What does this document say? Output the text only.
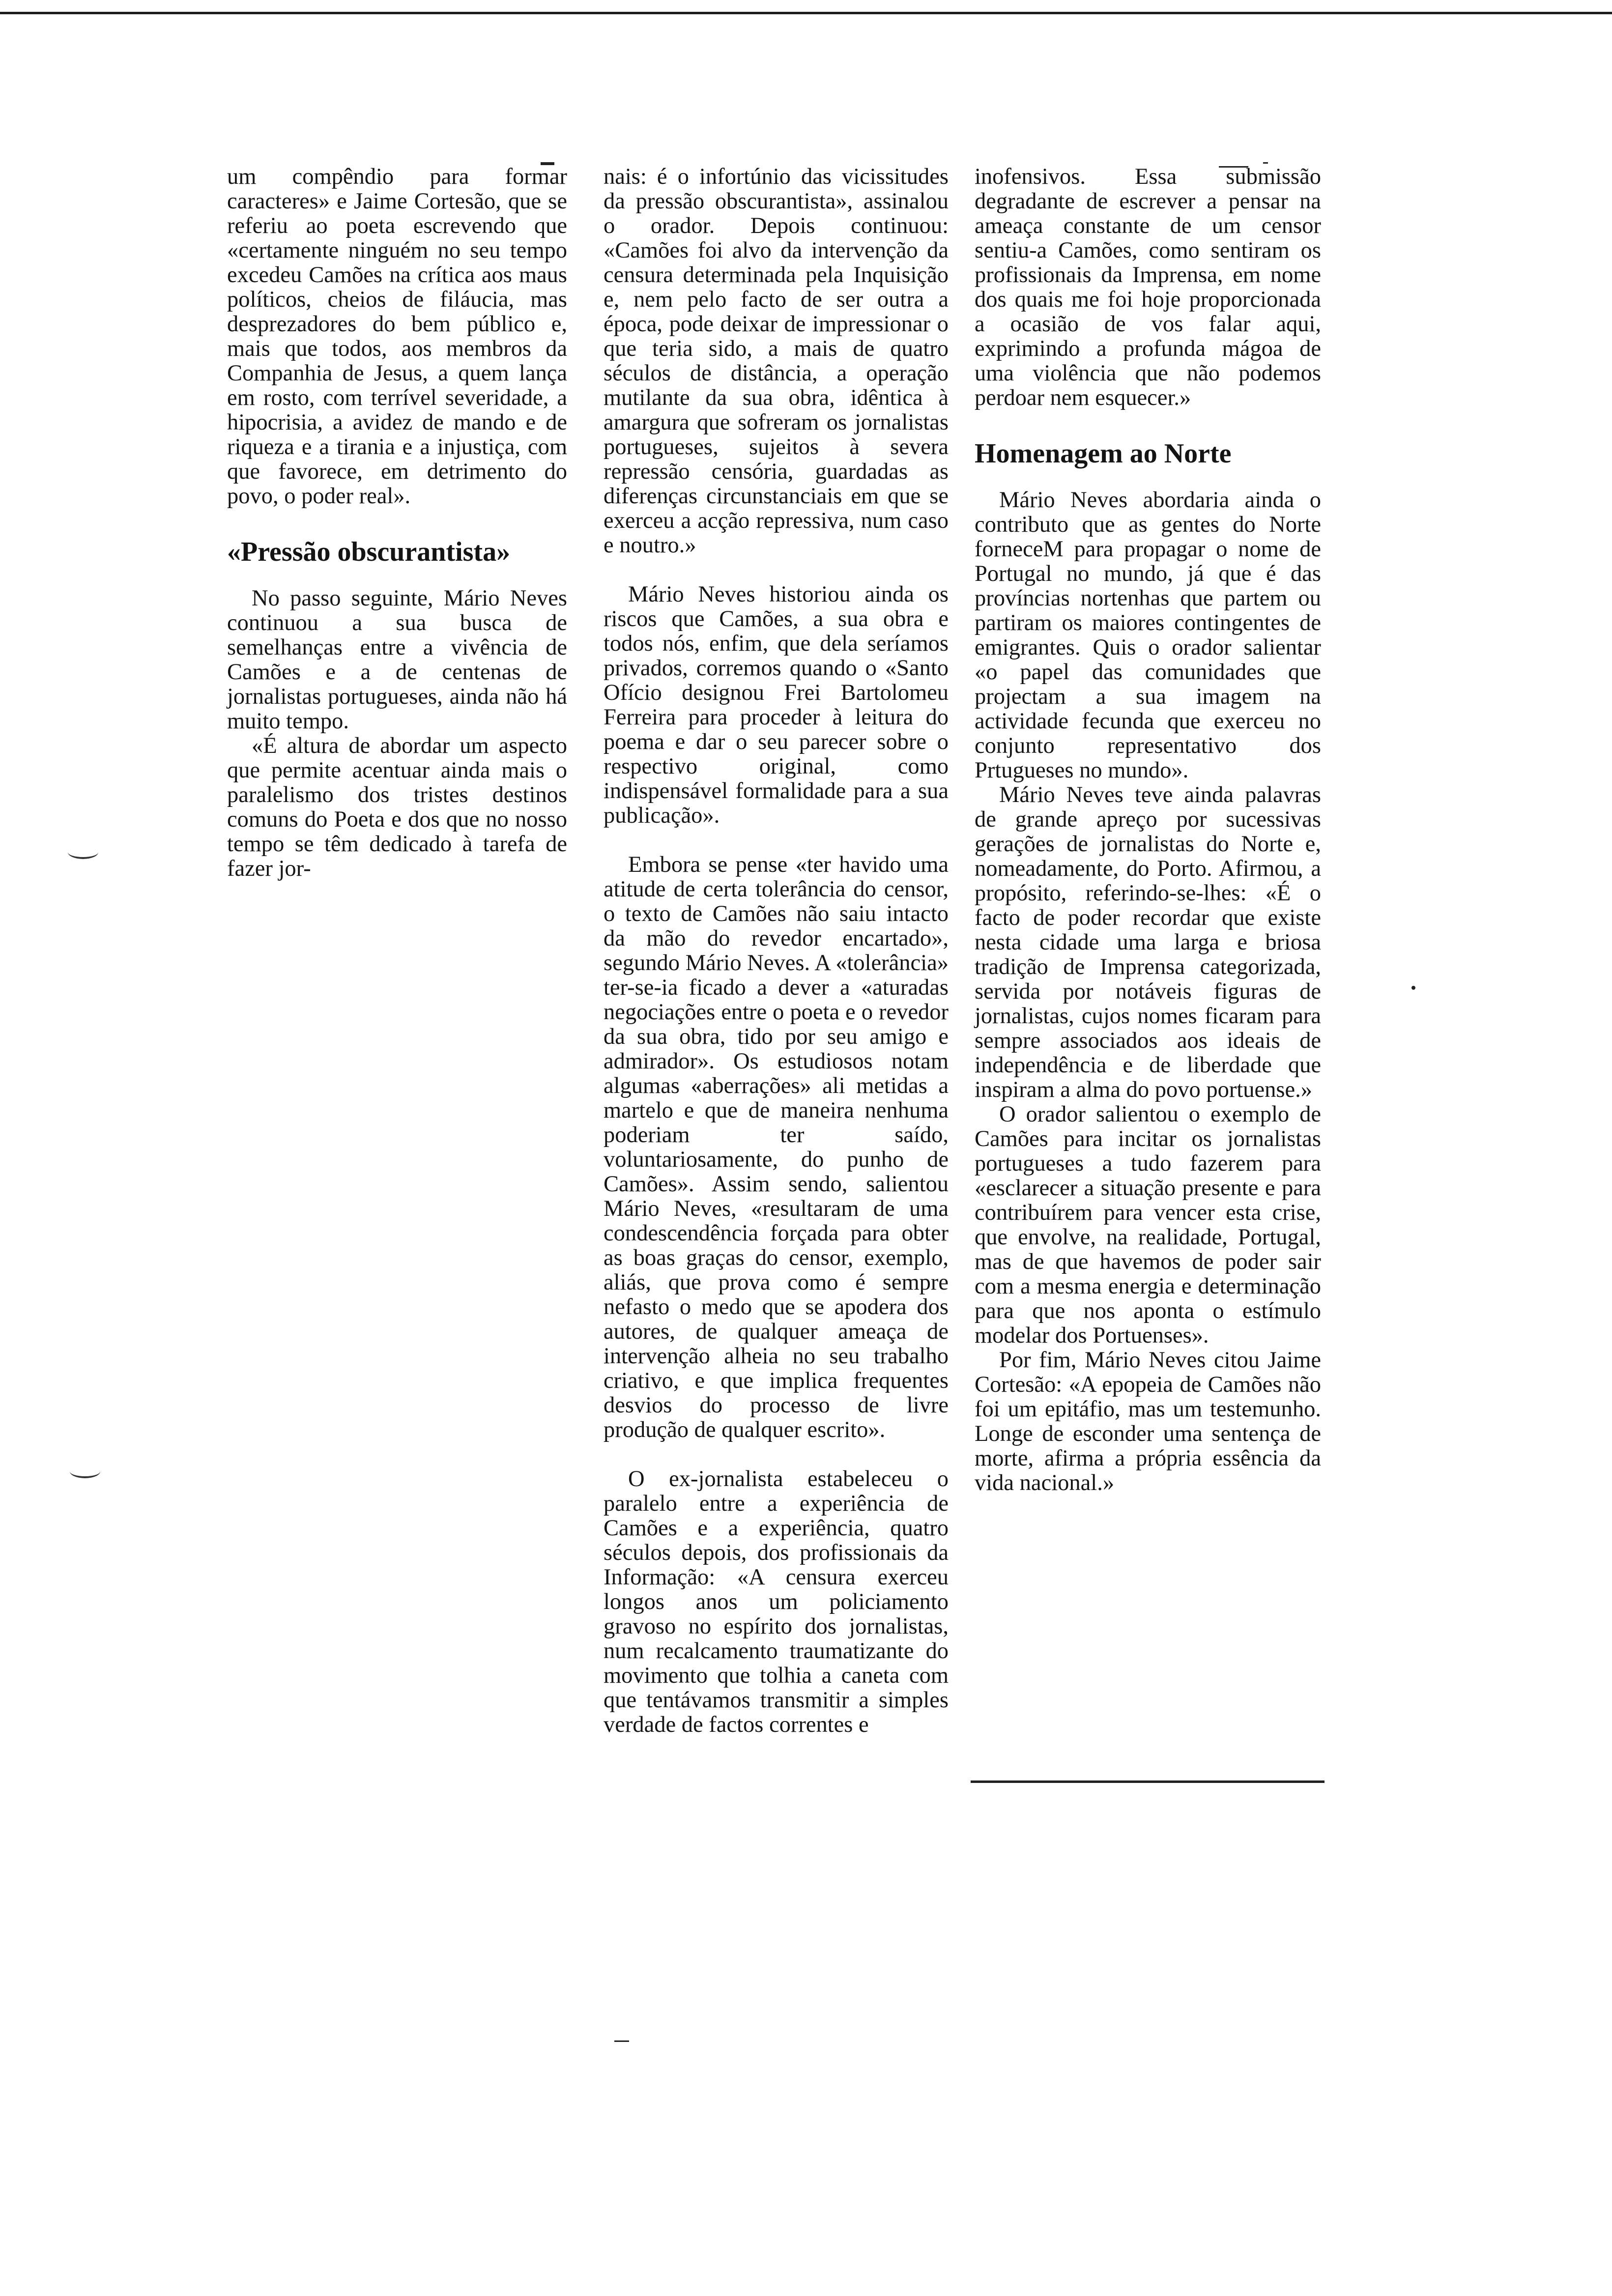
um compêndio para formar caracteres» e Jaime Cortesão, que se referiu ao poeta escrevendo que «certamente ninguém no seu tempo excedeu Camões na crítica aos maus políticos, cheios de filáucia, mas desprezadores do bem público e, mais que todos, aos membros da Companhia de Jesus, a quem lança em rosto, com terrível severidade, a hipocrisia, a avidez de mando e de riqueza e a tirania e a injustiça, com que favorece, em detrimento do povo, o poder real».

«Pressão obscurantista»

No passo seguinte, Mário Neves continuou a sua busca de semelhanças entre a vivência de Camões e a de centenas de jornalistas portugueses, ainda não há muito tempo.

«É altura de abordar um aspecto que permite acentuar ainda mais o paralelismo dos tristes destinos comuns do Poeta e dos que no nosso tempo se têm dedicado à tarefa de fazer jor-

nais: é o infortúnio das vicissitudes da pressão obscurantista», assinalou o orador. Depois continuou: «Camões foi alvo da intervenção da censura determinada pela Inquisição e, nem pelo facto de ser outra a época, pode deixar de impressionar o que teria sido, a mais de quatro séculos de distância, a operação mutilante da sua obra, idêntica à amargura que sofreram os jornalistas portugueses, sujeitos à severa repressão censória, guardadas as diferenças circunstanciais em que se exerceu a acção repressiva, num caso e noutro.»

Mário Neves historiou ainda os riscos que Camões, a sua obra e todos nós, enfim, que dela seríamos privados, corremos quando o «Santo Ofício designou Frei Bartolomeu Ferreira para proceder à leitura do poema e dar o seu parecer sobre o respectivo original, como indispensável formalidade para a sua publicação».

Embora se pense «ter havido uma atitude de certa tolerância do censor, o texto de Camões não saiu intacto da mão do revedor encartado», segundo Mário Neves. A «tolerância» ter-se-ia ficado a dever a «aturadas negociações entre o poeta e o revedor da sua obra, tido por seu amigo e admirador». Os estudiosos notam algumas «aberrações» ali metidas a martelo e que de maneira nenhuma poderiam ter saído, voluntariosamente, do punho de Camões». Assim sendo, salientou Mário Neves, «resultaram de uma condescendência forçada para obter as boas graças do censor, exemplo, aliás, que prova como é sempre nefasto o medo que se apodera dos autores, de qualquer ameaça de intervenção alheia no seu trabalho criativo, e que implica frequentes desvios do processo de livre produção de qualquer escrito».

O ex-jornalista estabeleceu o paralelo entre a experiência de Camões e a experiência, quatro séculos depois, dos profissionais da Informação: «A censura exerceu longos anos um policiamento gravoso no espírito dos jornalistas, num recalcamento traumatizante do movimento que tolhia a caneta com que tentávamos transmitir a simples verdade de factos correntes e

inofensivos. Essa submissão degradante de escrever a pensar na ameaça constante de um censor sentiu-a Camões, como sentiram os profissionais da Imprensa, em nome dos quais me foi hoje proporcionada a ocasião de vos falar aqui, exprimindo a profunda mágoa de uma violência que não podemos perdoar nem esquecer.»

Homenagem ao Norte

Mário Neves abordaria ainda o contributo que as gentes do Norte forneceM para propagar o nome de Portugal no mundo, já que é das províncias nortenhas que partem ou partiram os maiores contingentes de emigrantes. Quis o orador salientar «o papel das comunidades que projectam a sua imagem na actividade fecunda que exerceu no conjunto representativo dos Prtugueses no mundo».

Mário Neves teve ainda palavras de grande apreço por sucessivas gerações de jornalistas do Norte e, nomeadamente, do Porto. Afirmou, a propósito, referindo-se-lhes: «É o facto de poder recordar que existe nesta cidade uma larga e briosa tradição de Imprensa categorizada, servida por notáveis figuras de jornalistas, cujos nomes ficaram para sempre associados aos ideais de independência e de liberdade que inspiram a alma do povo portuense.»

O orador salientou o exemplo de Camões para incitar os jornalistas portugueses a tudo fazerem para «esclarecer a situação presente e para contribuírem para vencer esta crise, que envolve, na realidade, Portugal, mas de que havemos de poder sair com a mesma energia e determinação para que nos aponta o estímulo modelar dos Portuenses».

Por fim, Mário Neves citou Jaime Cortesão: «A epopeia de Camões não foi um epitáfio, mas um testemunho. Longe de esconder uma sentença de morte, afirma a própria essência da vida nacional.»
